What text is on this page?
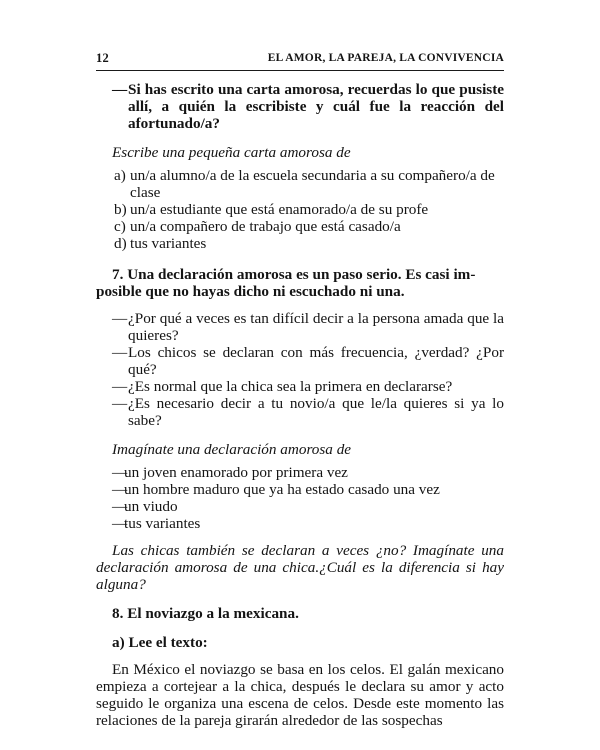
12	EL AMOR, LA PAREJA, LA CONVIVENCIA
— Si has escrito una carta amorosa, recuerdas lo que pusiste allí, a quién la escribiste y cuál fue la reacción del afortunado/a?
Escribe una pequeña carta amorosa de
a) un/a alumno/a de la escuela secundaria a su compañero/a de clase
b) un/a estudiante que está enamorado/a de su profe
c) un/a compañero de trabajo que está casado/a
d) tus variantes
7. Una declaración amorosa es un paso serio. Es casi im-
posible que no hayas dicho ni escuchado ni una.
— ¿Por qué a veces es tan difícil decir a la persona amada que la quieres?
— Los chicos se declaran con más frecuencia, ¿verdad? ¿Por qué?
— ¿Es normal que la chica sea la primera en declararse?
— ¿Es necesario decir a tu novio/a que le/la quieres si ya lo sabe?
Imagínate una declaración amorosa de
—
un joven enamorado por primera vez
—
un hombre maduro que ya ha estado casado una vez
—
un viudo
—
tus variantes
Las chicas también se declaran a veces ¿no? Imagínate una declaración amorosa de una chica.¿Cuál es la diferencia si hay alguna?
8. El noviazgo a la mexicana.
a) Lee el texto:
En México el noviazgo se basa en los celos. El galán mexicano empieza a cortejear a la chica, después le declara su amor y acto seguido le organiza una escena de celos. Desde este momento las relaciones de la pareja girarán alrededor de las sospechas
